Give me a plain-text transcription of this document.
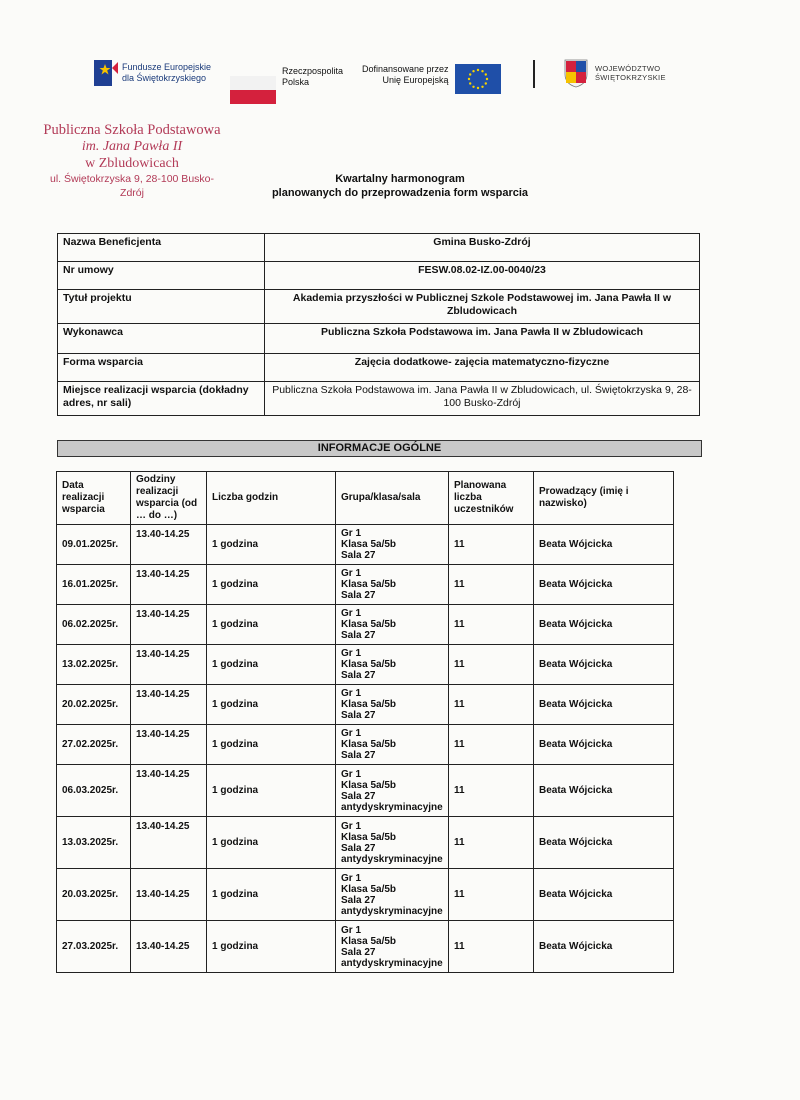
Fundusze Europejskie
dla Świętokrzyskiego
Rzeczpospolita
Polska
Dofinansowane przez
Unię Europejską
WOJEWÓDZTWO
ŚWIĘTOKRZYSKIE
Publiczna Szkoła Podstawowa
im. Jana Pawła II
w Zbludowicach
ul. Świętokrzyska 9, 28-100 Busko-Zdrój
Kwartalny harmonogram
planowanych do przeprowadzenia form wsparcia
Nazwa Beneficjenta	Gmina Busko-Zdrój
Nr umowy	FESW.08.02-IZ.00-0040/23
Tytuł projektu	Akademia przyszłości w Publicznej Szkole Podstawowej im. Jana Pawła II w Zbludowicach
Wykonawca	Publiczna Szkoła Podstawowa im. Jana Pawła II w Zbludowicach
Forma wsparcia	Zajęcia dodatkowe- zajęcia matematyczno-fizyczne
Miejsce realizacji wsparcia (dokładny adres, nr sali)	Publiczna Szkoła Podstawowa im. Jana Pawła II w Zbludowicach, ul. Świętokrzyska 9, 28-100 Busko-Zdrój
INFORMACJE OGÓLNE
Data realizacji wsparcia	Godziny realizacji wsparcia (od … do …)	Liczba godzin	Grupa/klasa/sala	Planowana liczba uczestników	Prowadzący (imię i nazwisko)
09.01.2025r.	13.40-14.25	1 godzina	Gr 1
Klasa 5a/5b
Sala 27	11	Beata Wójcicka
16.01.2025r.	13.40-14.25	1 godzina	Gr 1
Klasa 5a/5b
Sala 27	11	Beata Wójcicka
06.02.2025r.	13.40-14.25	1 godzina	Gr 1
Klasa 5a/5b
Sala 27	11	Beata Wójcicka
13.02.2025r.	13.40-14.25	1 godzina	Gr 1
Klasa 5a/5b
Sala 27	11	Beata Wójcicka
20.02.2025r.	13.40-14.25	1 godzina	Gr 1
Klasa 5a/5b
Sala 27	11	Beata Wójcicka
27.02.2025r.	13.40-14.25	1 godzina	Gr 1
Klasa 5a/5b
Sala 27	11	Beata Wójcicka
06.03.2025r.	13.40-14.25	1 godzina	Gr 1
Klasa 5a/5b
Sala 27
antydyskryminacyjne	11	Beata Wójcicka
13.03.2025r.	13.40-14.25	1 godzina	Gr 1
Klasa 5a/5b
Sala 27
antydyskryminacyjne	11	Beata Wójcicka
20.03.2025r.	13.40-14.25	1 godzina	Gr 1
Klasa 5a/5b
Sala 27
antydyskryminacyjne	11	Beata Wójcicka
27.03.2025r.	13.40-14.25	1 godzina	Gr 1
Klasa 5a/5b
Sala 27
antydyskryminacyjne	11	Beata Wójcicka
